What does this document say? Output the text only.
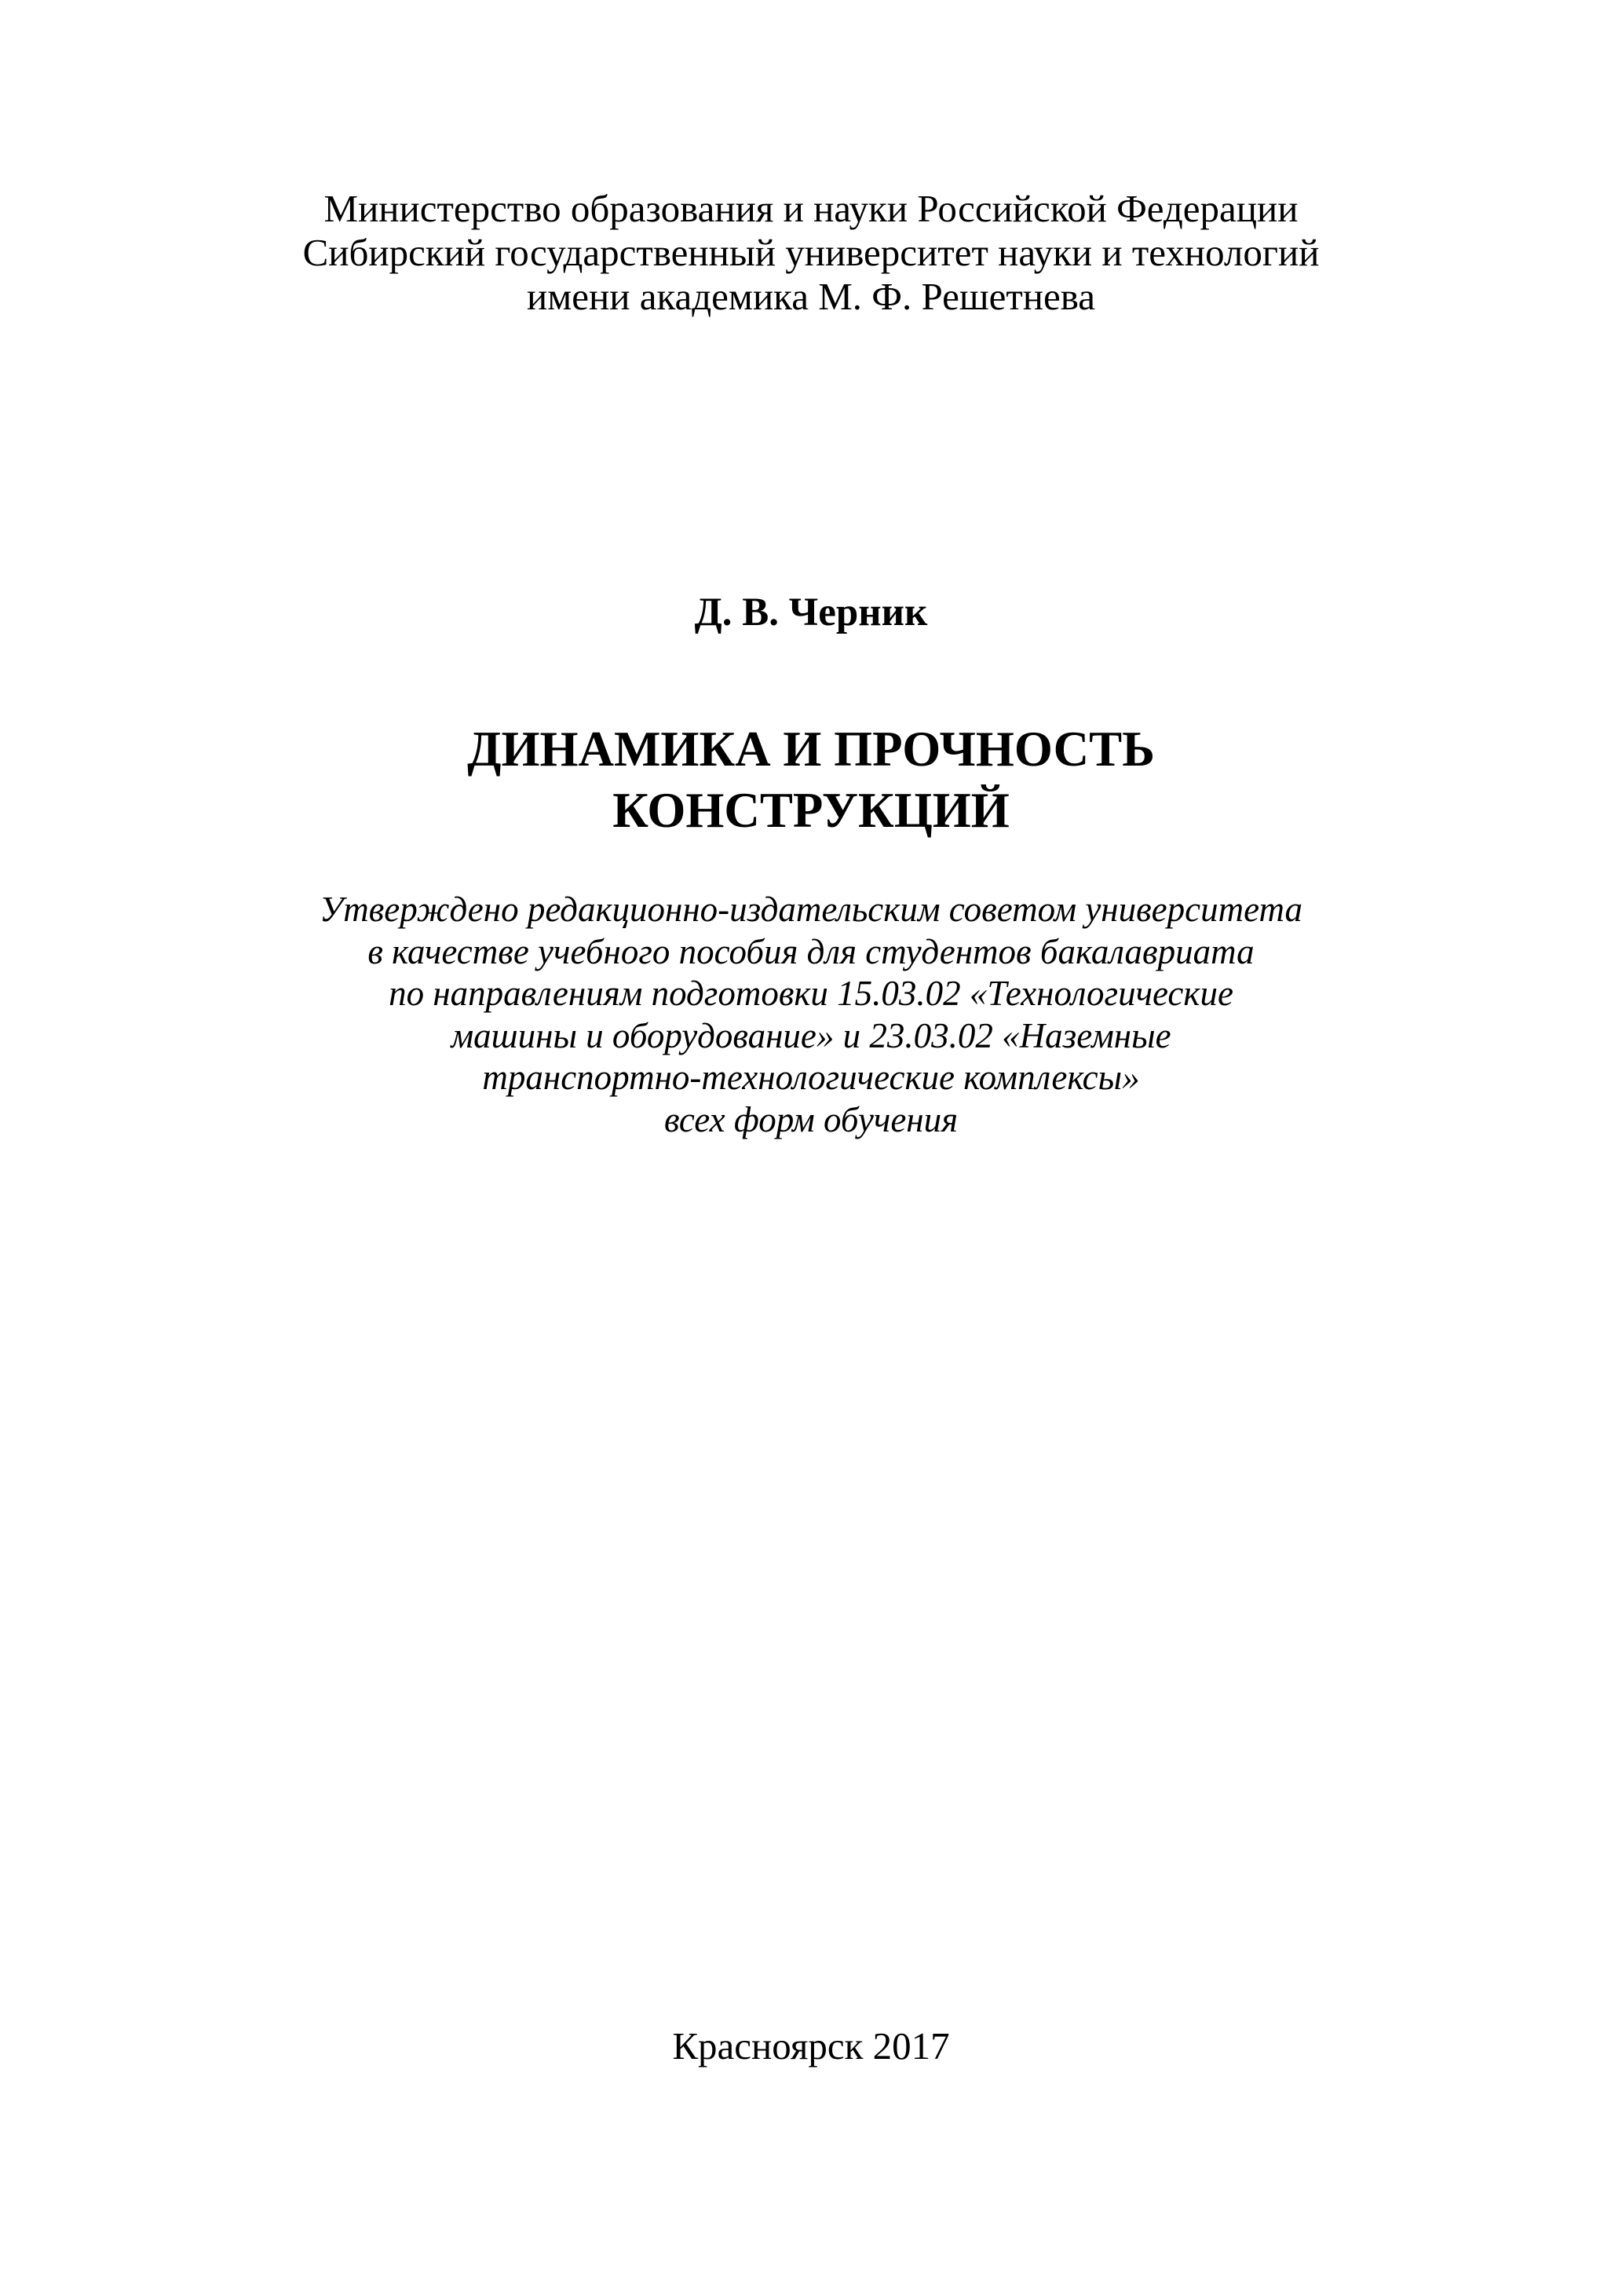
Министерство образования и науки Российской Федерации
Сибирский государственный университет науки и технологий
имени академика М. Ф. Решетнева
Д. В. Черник
ДИНАМИКА И ПРОЧНОСТЬ
КОНСТРУКЦИЙ
Утверждено редакционно-издательским советом университета
в качестве учебного пособия для студентов бакалавриата
по направлениям подготовки 15.03.02 «Технологические
машины и оборудование» и 23.03.02 «Наземные
транспортно-технологические комплексы»
всех форм обучения
Красноярск 2017
